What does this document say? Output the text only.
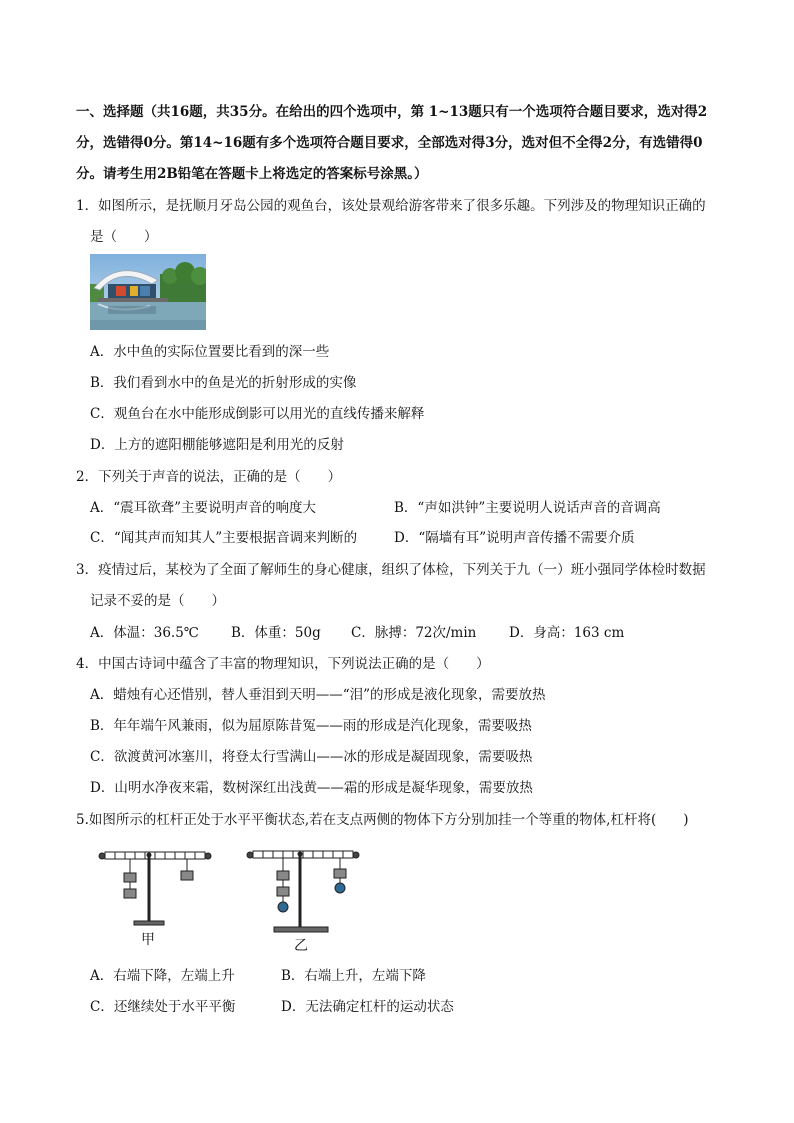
一、选择题（共16题，共35分。在给出的四个选项中，第 1~13题只有一个选项符合题目要求，选对得2
分，选错得0分。第14~16题有多个选项符合题目要求，全部选对得3分，选对但不全得2分，有选错得0
分。请考生用2B铅笔在答题卡上将选定的答案标号涂黑。）
1．如图所示，是抚顺月牙岛公园的观鱼台，该处景观给游客带来了很多乐趣。下列涉及的物理知识正确的
是（　　）
A．水中鱼的实际位置要比看到的深一些
B．我们看到水中的鱼是光的折射形成的实像
C．观鱼台在水中能形成倒影可以用光的直线传播来解释
D．上方的遮阳棚能够遮阳是利用光的反射
2．下列关于声音的说法，正确的是（　　）
A．“震耳欲聋”主要说明声音的响度大	B．“声如洪钟”主要说明人说话声音的音调高
C．“闻其声而知其人”主要根据音调来判断的	D．“隔墙有耳”说明声音传播不需要介质
3．疫情过后，某校为了全面了解师生的身心健康，组织了体检，下列关于九（一）班小强同学体检时数据
记录不妥的是（　　）
A．体温：36.5℃ B．体重：50g C．脉搏：72次/min D．身高：163 cm
4．中国古诗词中蕴含了丰富的物理知识，下列说法正确的是（　　）
A．蜡烛有心还惜别，替人垂泪到天明——“泪”的形成是液化现象，需要放热
B．年年端午风兼雨，似为屈原陈昔冤——雨的形成是汽化现象，需要吸热
C．欲渡黄河冰塞川，将登太行雪满山——冰的形成是凝固现象，需要吸热
D．山明水净夜来霜，数树深红出浅黄——霜的形成是凝华现象，需要放热
5.如图所示的杠杆正处于水平平衡状态,若在支点两侧的物体下方分别加挂一个等重的物体,杠杆将(　　)
甲	乙
A．右端下降，左端上升	B．右端上升，左端下降
C．还继续处于水平平衡	D．无法确定杠杆的运动状态
